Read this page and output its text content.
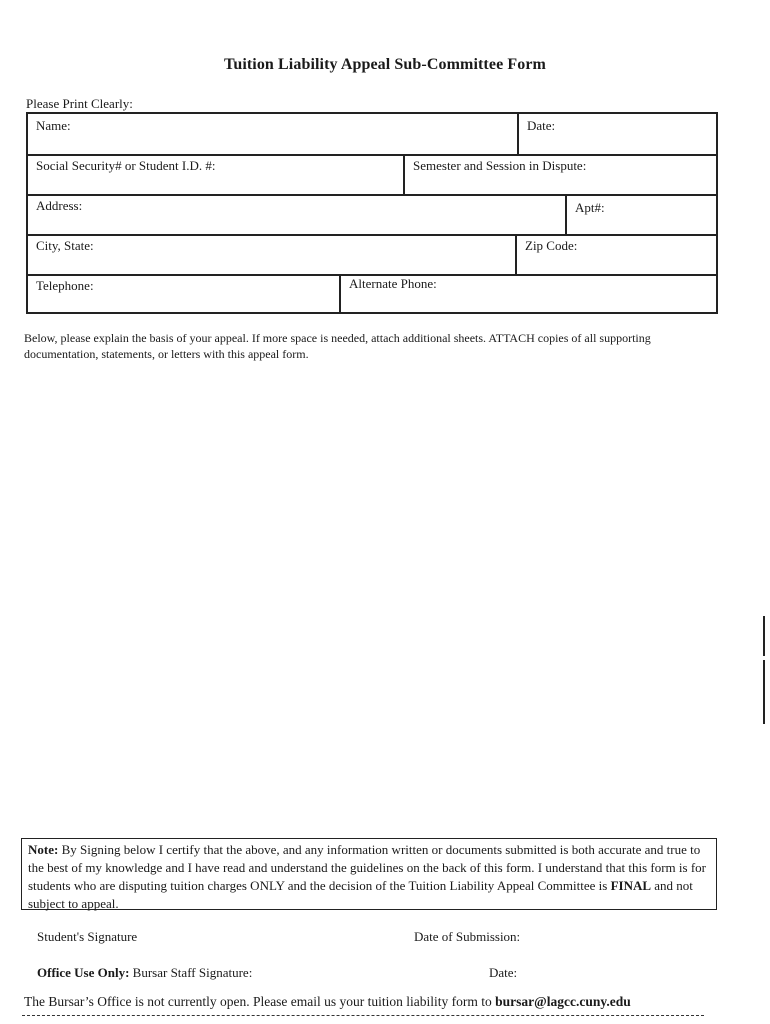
Tuition Liability Appeal Sub-Committee Form
Please Print Clearly:
Name:	Date:
Social Security# or Student I.D. #:	Semester and Session in Dispute:
Address:	Apt#:
City, State:	Zip Code:
Telephone:	Alternate Phone:
Below, please explain the basis of your appeal. If more space is needed, attach additional sheets. ATTACH copies of all supporting documentation, statements, or letters with this appeal form.
Note: By Signing below I certify that the above, and any information written or documents submitted is both accurate and true to the best of my knowledge and I have read and understand the guidelines on the back of this form. I understand that this form is for students who are disputing tuition charges ONLY and the decision of the Tuition Liability Appeal Committee is FINAL and not subject to appeal.
Student's Signature	Date of Submission:
Office Use Only: Bursar Staff Signature:	Date:
The Bursar’s Office is not currently open. Please email us your tuition liability form to bursar@lagcc.cuny.edu
